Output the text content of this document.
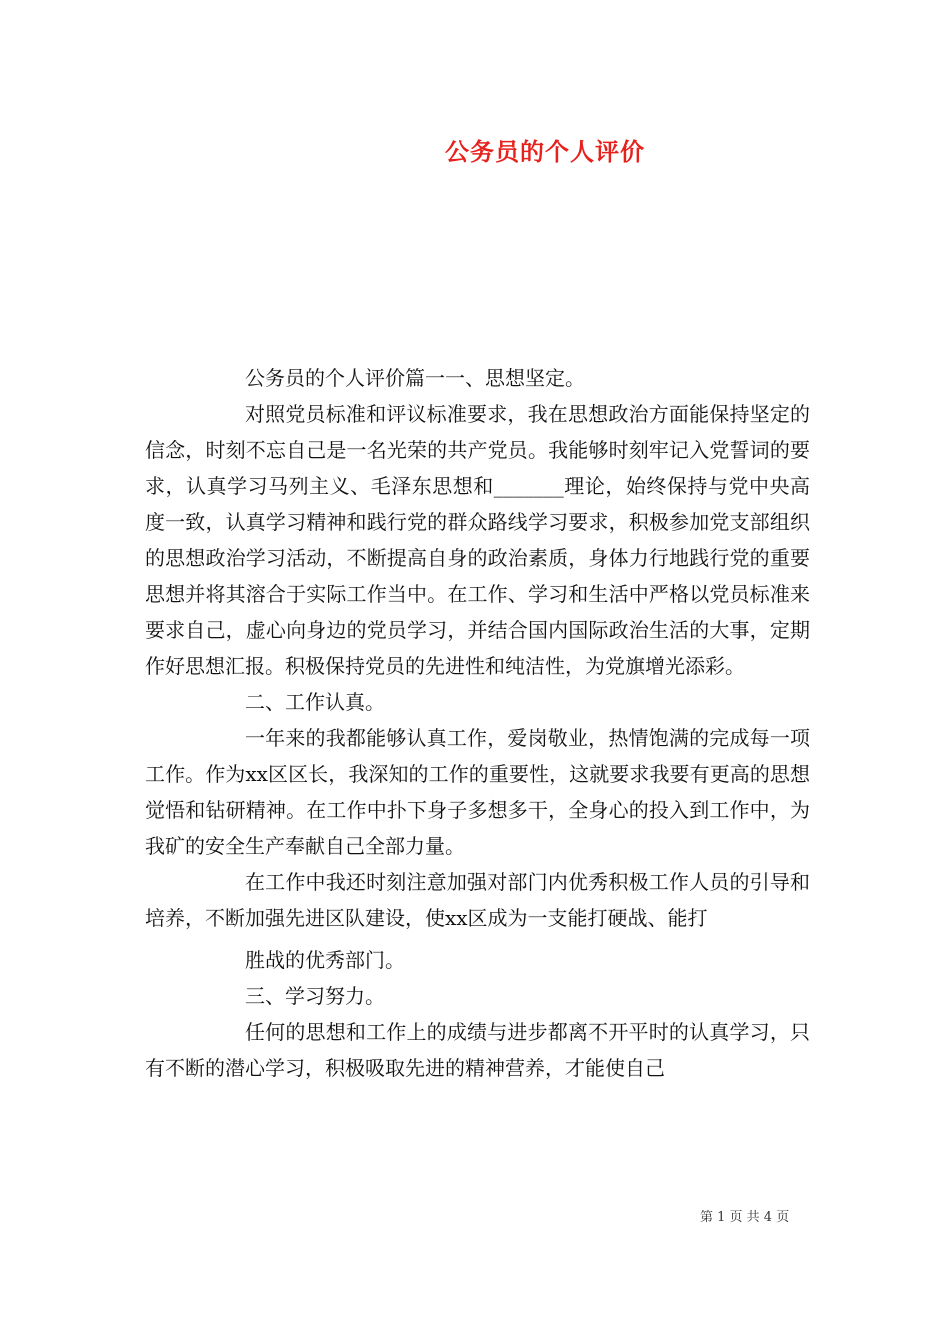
公务员的个人评价

公务员的个人评价篇一一、思想坚定。

对照党员标准和评议标准要求，我在思想政治方面能保持坚定的信念，时刻不忘自己是一名光荣的共产党员。我能够时刻牢记入党誓词的要求，认真学习马列主义、毛泽东思想和_______理论，始终保持与党中央高度一致，认真学习精神和践行党的群众路线学习要求，积极参加党支部组织的思想政治学习活动，不断提高自身的政治素质，身体力行地践行党的重要思想并将其溶合于实际工作当中。在工作、学习和生活中严格以党员标准来要求自己，虚心向身边的党员学习，并结合国内国际政治生活的大事，定期作好思想汇报。积极保持党员的先进性和纯洁性，为党旗增光添彩。

二、工作认真。

一年来的我都能够认真工作，爱岗敬业，热情饱满的完成每一项工作。作为xx区区长，我深知的工作的重要性，这就要求我要有更高的思想觉悟和钻研精神。在工作中扑下身子多想多干，全身心的投入到工作中，为我矿的安全生产奉献自己全部力量。

在工作中我还时刻注意加强对部门内优秀积极工作人员的引导和培养，不断加强先进区队建设，使xx区成为一支能打硬战、能打

胜战的优秀部门。

三、学习努力。

任何的思想和工作上的成绩与进步都离不开平时的认真学习，只有不断的潜心学习，积极吸取先进的精神营养，才能使自己

第 1 页 共 4 页
